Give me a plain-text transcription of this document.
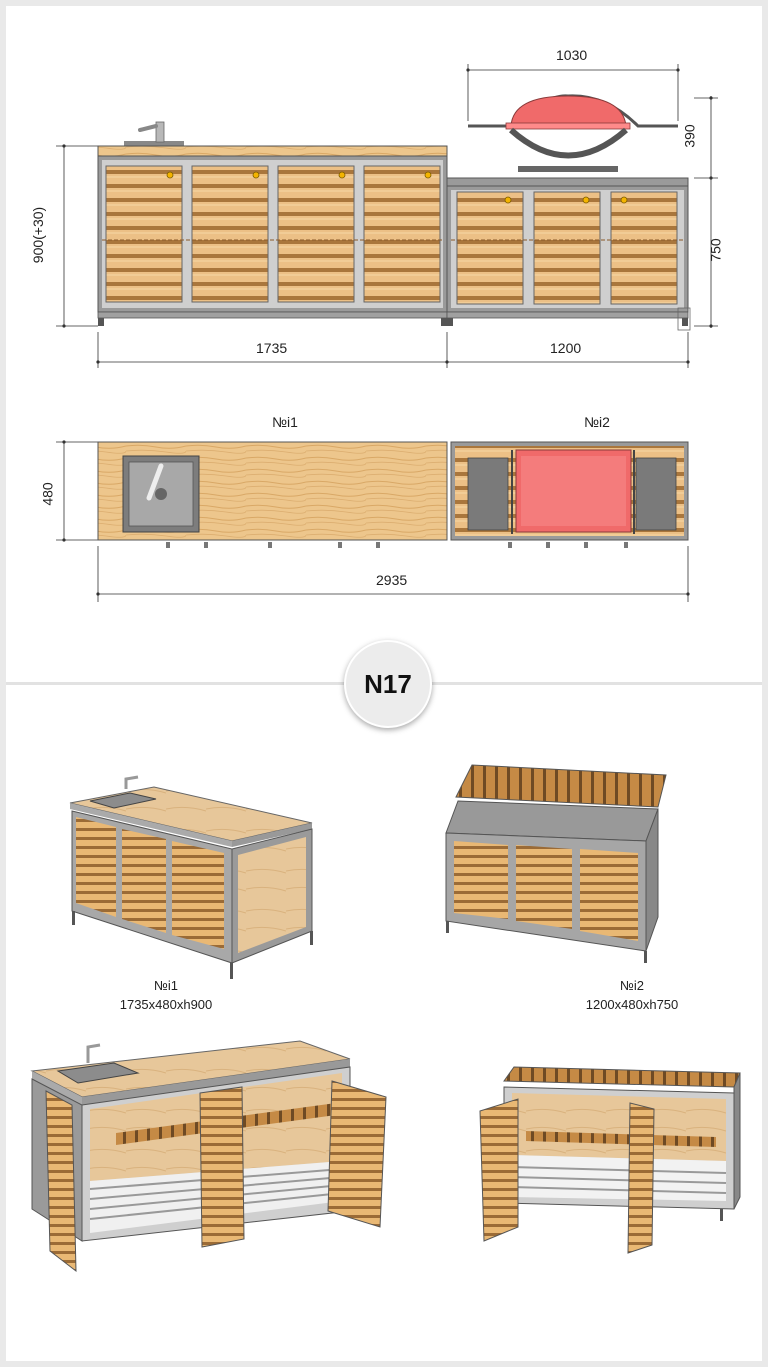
1030
390
750
900(+30)
1735	1200
№i1	№i2
480
2935
N17
№i1
1735x480xh900
№i2
1200x480xh750
